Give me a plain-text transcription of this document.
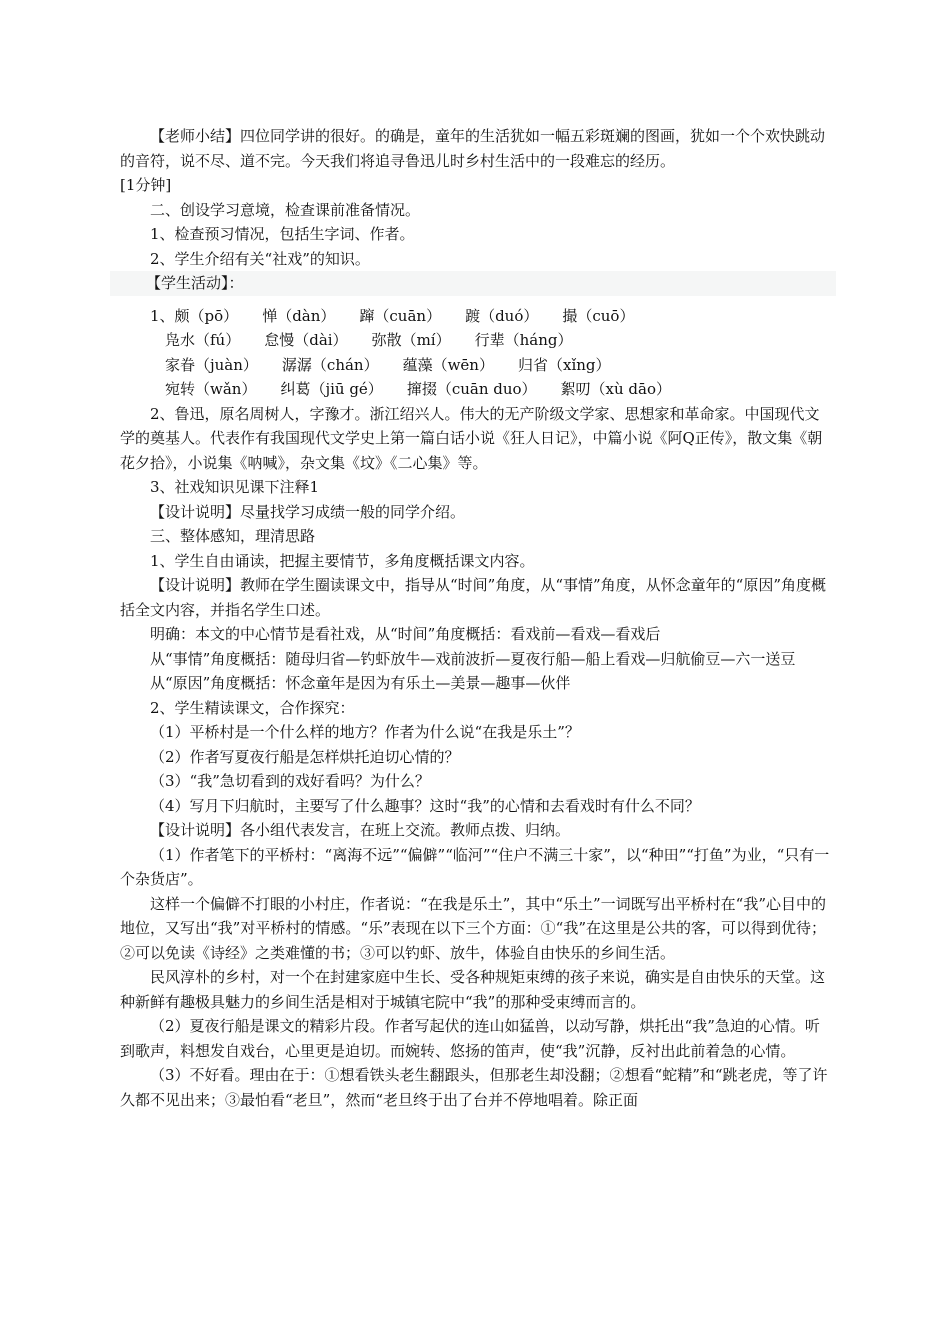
【老师小结】四位同学讲的很好。的确是，童年的生活犹如一幅五彩斑斓的图画，犹如一个个欢快跳动的音符，说不尽、道不完。今天我们将追寻鲁迅儿时乡村生活中的一段难忘的经历。

[1分钟]

二、创设学习意境，检查课前准备情况。

1、检查预习情况，包括生字词、作者。

2、学生介绍有关“社戏”的知识。

【学生活动】：

1、颇（pō） 惮（dàn） 蹿（cuān） 踱（duó） 撮（cuō）

凫水（fú） 怠慢（dài） 弥散（mí） 行辈（háng）

家眷（juàn） 潺潺（chán） 蕴藻（wēn） 归省（xǐng）

宛转（wǎn） 纠葛（jiū gé） 撺掇（cuān duo） 絮叨（xù dāo）

2、鲁迅，原名周树人，字豫才。浙江绍兴人。伟大的无产阶级文学家、思想家和革命家。中国现代文学的奠基人。代表作有我国现代文学史上第一篇白话小说《狂人日记》，中篇小说《阿Q正传》，散文集《朝花夕拾》，小说集《呐喊》，杂文集《坟》《二心集》等。

3、社戏知识见课下注释1

【设计说明】尽量找学习成绩一般的同学介绍。

三、整体感知，理清思路

1、学生自由诵读，把握主要情节，多角度概括课文内容。

【设计说明】教师在学生圈读课文中，指导从“时间”角度，从“事情”角度，从怀念童年的“原因”角度概括全文内容，并指名学生口述。

明确：本文的中心情节是看社戏，从“时间”角度概括：看戏前—看戏—看戏后

从“事情”角度概括：随母归省—钓虾放牛—戏前波折—夏夜行船—船上看戏—归航偷豆—六一送豆

从“原因”角度概括：怀念童年是因为有乐土—美景—趣事—伙伴

2、学生精读课文，合作探究：

（1）平桥村是一个什么样的地方？作者为什么说“在我是乐土”？

（2）作者写夏夜行船是怎样烘托迫切心情的？

（3）“我”急切看到的戏好看吗？为什么？

（4）写月下归航时，主要写了什么趣事？这时“我”的心情和去看戏时有什么不同？

【设计说明】各小组代表发言，在班上交流。教师点拨、归纳。

（1）作者笔下的平桥村：“离海不远”“偏僻”“临河”“住户不满三十家”，以“种田”“打鱼”为业，“只有一个杂货店”。

这样一个偏僻不打眼的小村庄，作者说：“在我是乐土”，其中“乐土”一词既写出平桥村在“我”心目中的地位，又写出“我”对平桥村的情感。“乐”表现在以下三个方面：①“我”在这里是公共的客，可以得到优待；②可以免读《诗经》之类难懂的书；③可以钓虾、放牛，体验自由快乐的乡间生活。

民风淳朴的乡村，对一个在封建家庭中生长、受各种规矩束缚的孩子来说，确实是自由快乐的天堂。这种新鲜有趣极具魅力的乡间生活是相对于城镇宅院中“我”的那种受束缚而言的。

（2）夏夜行船是课文的精彩片段。作者写起伏的连山如猛兽，以动写静，烘托出“我”急迫的心情。听到歌声，料想发自戏台，心里更是迫切。而婉转、悠扬的笛声，使“我”沉静，反衬出此前着急的心情。

（3）不好看。理由在于：①想看铁头老生翻跟头，但那老生却没翻；②想看“蛇精”和“跳老虎，等了许久都不见出来；③最怕看“老旦”，然而“老旦终于出了台并不停地唱着。除正面
